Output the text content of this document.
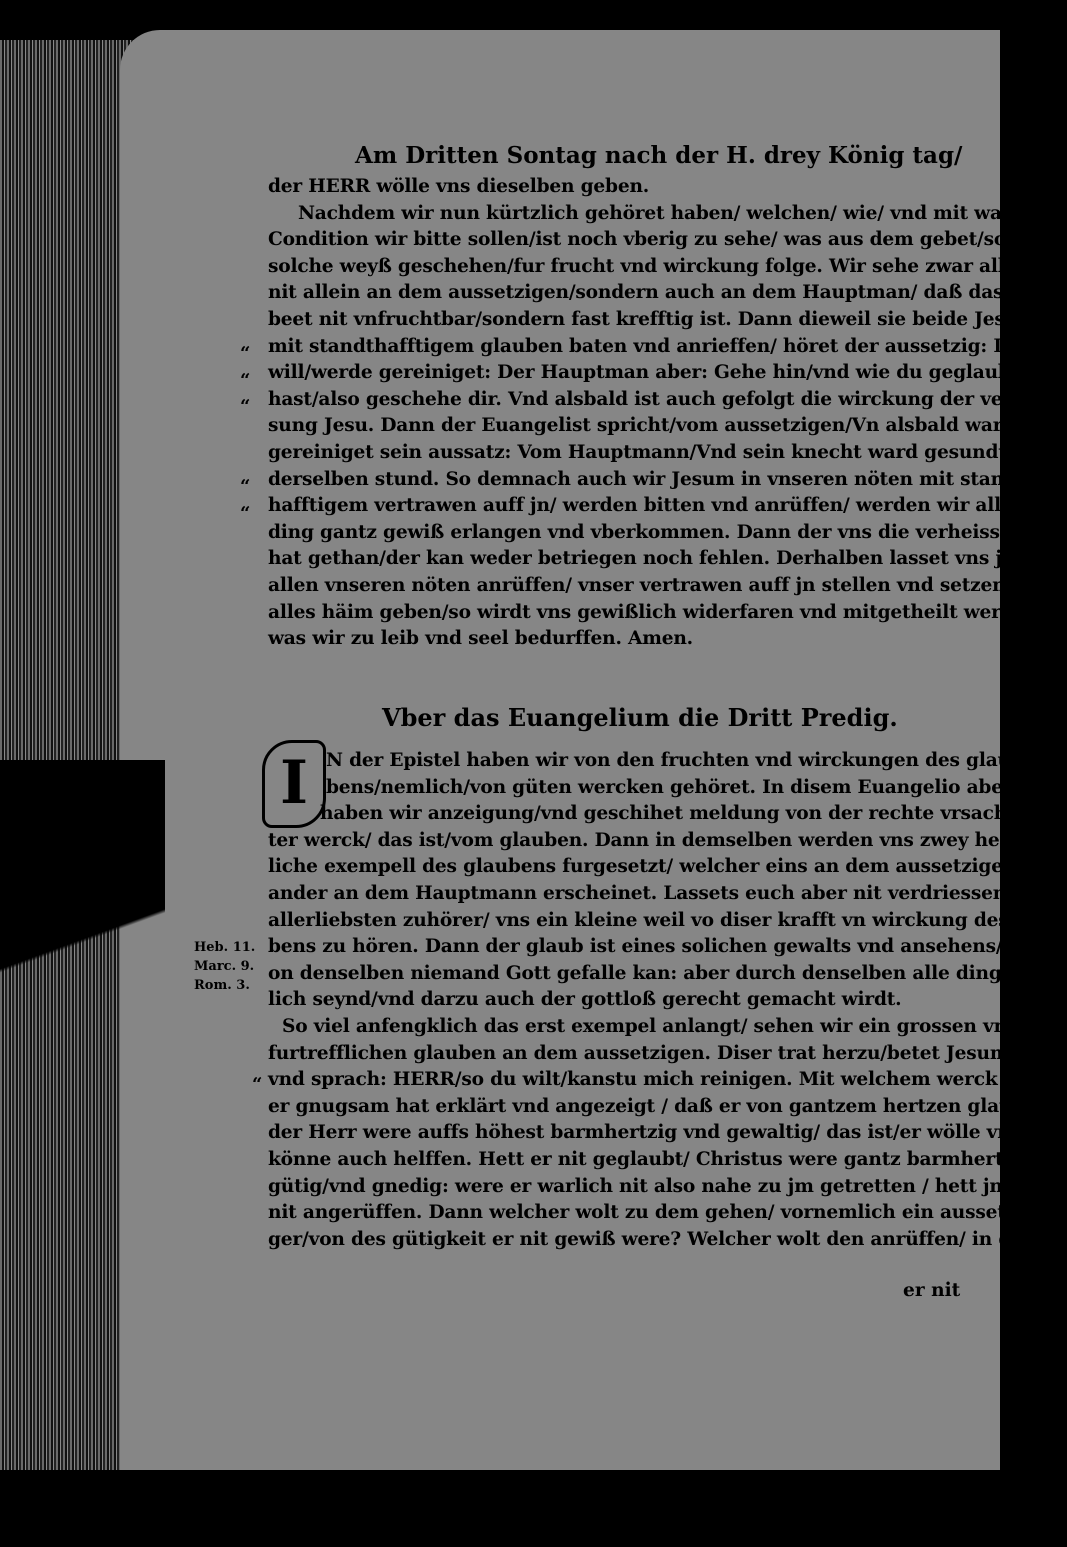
Am Dritten Sontag nach der H. drey König tag/
“
“
“
“
“
der HERR wölle vns dieselben geben.
Nachdem wir nun kürtzlich gehöret haben/ welchen/ wie/ vnd mit was
Condition wir bitte sollen/ist noch vberig zu sehe/ was aus dem gebet/so auff
solche weyß geschehen/fur frucht vnd wirckung folge. Wir sehe zwar allhie/
nit allein an dem aussetzigen/sondern auch an dem Hauptman/ daß das ge-
beet nit vnfruchtbar/sondern fast krefftig ist. Dann dieweil sie beide Jesum
mit standthafftigem glauben baten vnd anrieffen/ höret der aussetzig: Ich
will/werde gereiniget: Der Hauptman aber: Gehe hin/vnd wie du geglaubt
hast/also geschehe dir. Vnd alsbald ist auch gefolgt die wirckung der verheis-
sung Jesu. Dann der Euangelist spricht/vom aussetzigen/Vn alsbald ward
gereiniget sein aussatz: Vom Hauptmann/Vnd sein knecht ward gesundt in
derselben stund. So demnach auch wir Jesum in vnseren nöten mit stand-
hafftigem vertrawen auff jn/ werden bitten vnd anrüffen/ werden wir alle
ding gantz gewiß erlangen vnd vberkommen. Dann der vns die verheissung
hat gethan/der kan weder betriegen noch fehlen. Derhalben lasset vns jn in
allen vnseren nöten anrüffen/ vnser vertrawen auff jn stellen vnd setzen/ jm
alles häim geben/so wirdt vns gewißlich widerfaren vnd mitgetheilt werde/
was wir zu leib vnd seel bedurffen. Amen.
Vber das Euangelium die Dritt Predig.
I N der Epistel haben wir von den fruchten vnd wirckungen des glau-
bens/nemlich/von güten wercken gehöret. In disem Euangelio aber/
haben wir anzeigung/vnd geschihet meldung von der rechte vrsach gü-
ter werck/ das ist/vom glauben. Dann in demselben werden vns zwey herr-
liche exempell des glaubens furgesetzt/ welcher eins an dem aussetzigen/ das
ander an dem Hauptmann erscheinet. Lassets euch aber nit verdriessen/jr
allerliebsten zuhörer/ vns ein kleine weil vo diser krafft vn wirckung des glau-
bens zu hören. Dann der glaub ist eines solichen gewalts vnd ansehens/ daß
on denselben niemand Gott gefalle kan: aber durch denselben alle ding mög-
lich seynd/vnd darzu auch der gottloß gerecht gemacht wirdt.
So viel anfengklich das erst exempel anlangt/ sehen wir ein grossen vnd
furtrefflichen glauben an dem aussetzigen. Diser trat herzu/betet Jesum an/
vnd sprach: HERR/so du wilt/kanstu mich reinigen. Mit welchem werck
er gnugsam hat erklärt vnd angezeigt / daß er von gantzem hertzen glaubet/
der Herr were auffs höhest barmhertzig vnd gewaltig/ das ist/er wölle vnd
könne auch helffen. Hett er nit geglaubt/ Christus were gantz barmhertzig/
gütig/vnd gnedig: were er warlich nit also nahe zu jm getretten / hett jn auch
nit angerüffen. Dann welcher wolt zu dem gehen/ vornemlich ein aussetzi-
ger/von des gütigkeit er nit gewiß were? Welcher wolt den anrüffen/ in den
Heb. 11.
Marc. 9.
Rom. 3.
“
er nit
